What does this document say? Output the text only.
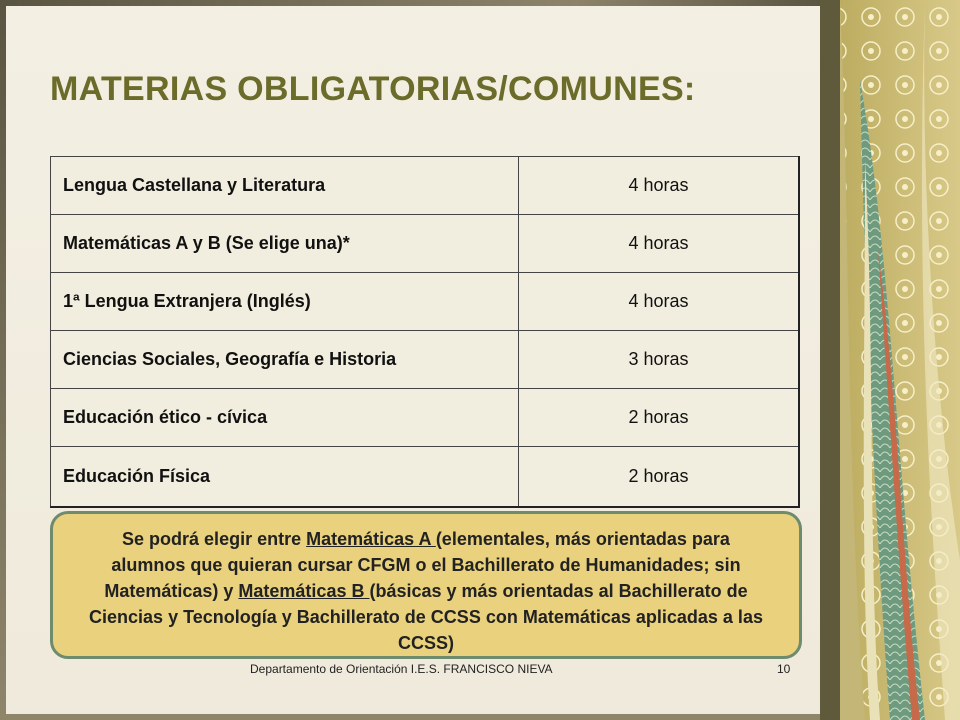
MATERIAS OBLIGATORIAS/COMUNES:
Lengua Castellana y Literatura	4 horas
Matemáticas A y B (Se elige una)*	4 horas
1ª Lengua Extranjera (Inglés)	4 horas
Ciencias Sociales, Geografía e Historia	3 horas
Educación ético - cívica	2 horas
Educación Física	2 horas
Se podrá elegir entre Matemáticas A (elementales, más orientadas para alumnos que quieran cursar CFGM o el Bachillerato de Humanidades; sin Matemáticas) y Matemáticas B (básicas y más orientadas al Bachillerato de Ciencias y Tecnología y Bachillerato de CCSS con Matemáticas aplicadas a las CCSS)
Departamento de Orientación I.E.S. FRANCISCO NIEVA	10
